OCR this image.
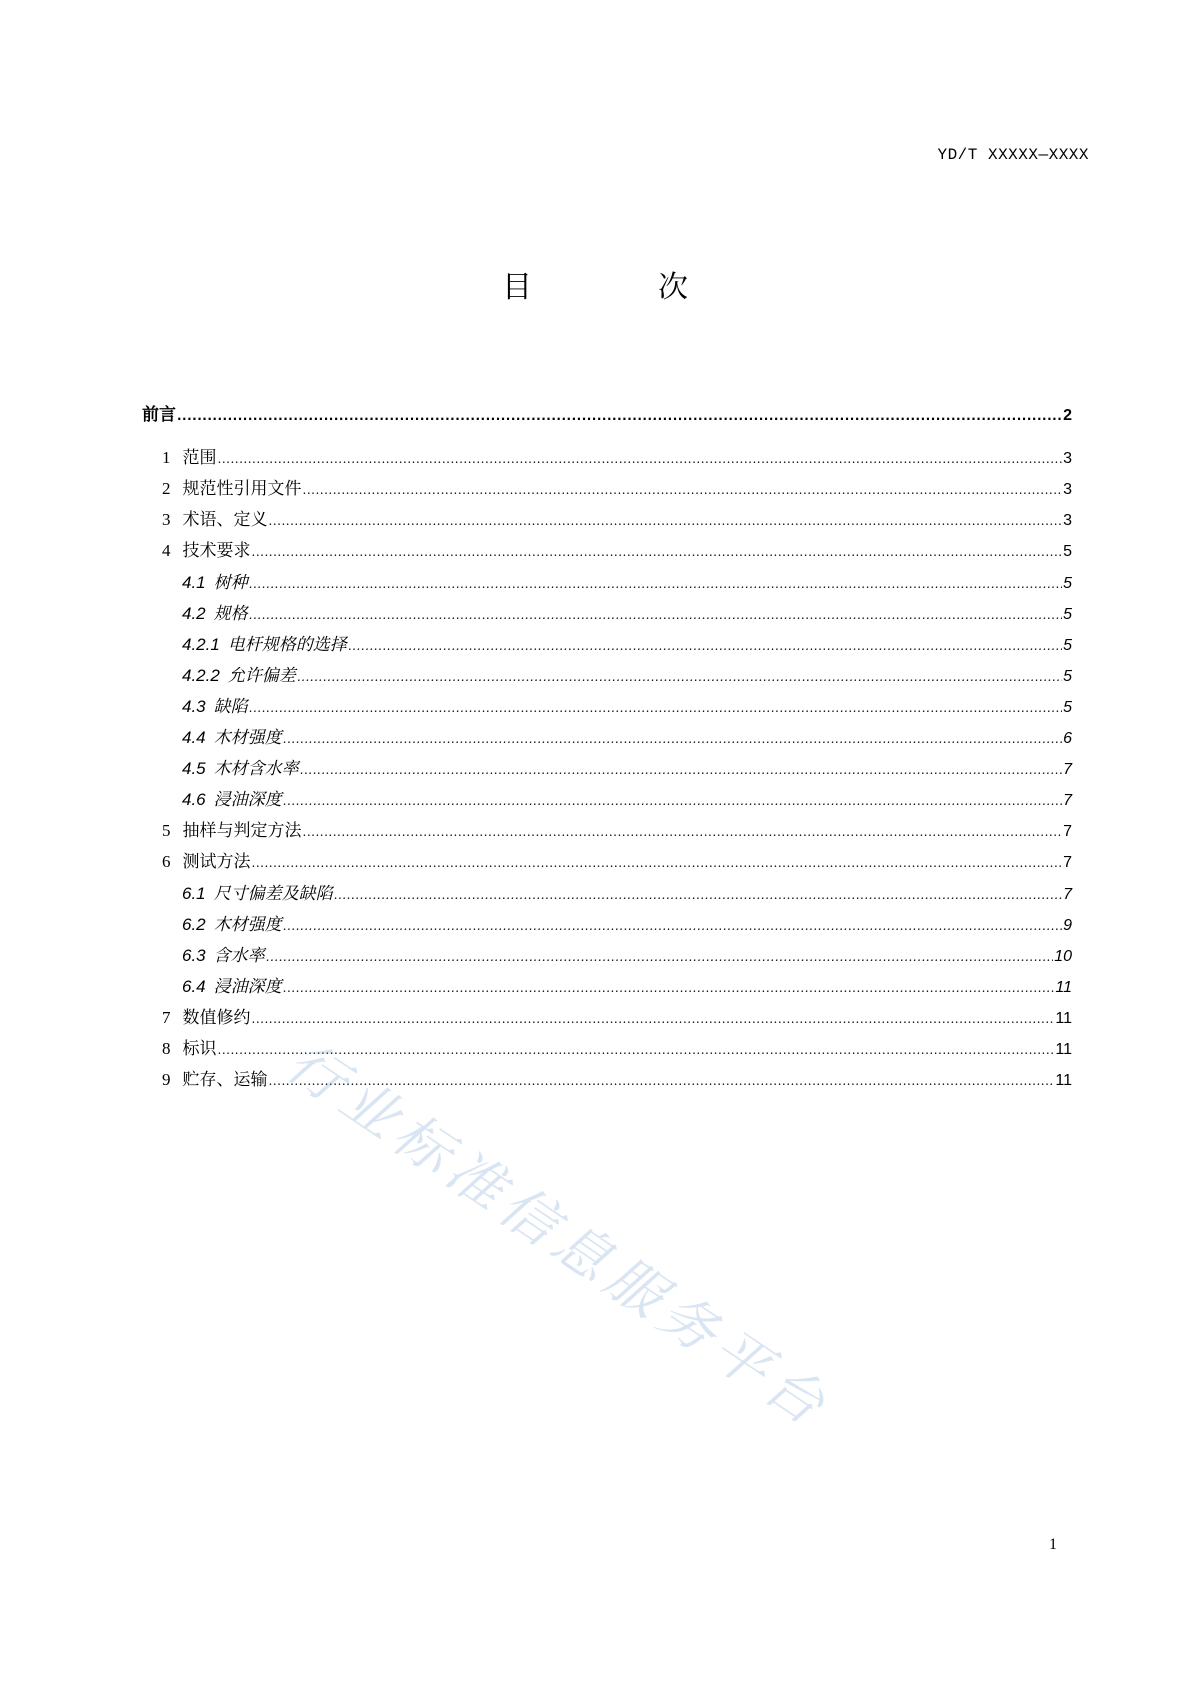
YD/T XXXXX—XXXX
目　次
前言 .....	2
1 范围 .....	3
2 规范性引用文件 .....	3
3 术语、定义 .....	3
4 技术要求 .....	5
4.1 树种 .....	5
4.2 规格 .....	5
4.2.1 电杆规格的选择 .....	5
4.2.2 允许偏差 .....	5
4.3 缺陷 .....	5
4.4 木材强度 .....	6
4.5 木材含水率 .....	7
4.6 浸油深度 .....	7
5 抽样与判定方法 .....	7
6 测试方法 .....	7
6.1 尺寸偏差及缺陷 .....	7
6.2 木材强度 .....	9
6.3 含水率 .....	10
6.4 浸油深度 .....	11
7 数值修约 .....	11
8 标识 .....	11
9 贮存、运输 .....	11
行业标准信息服务平台
1
